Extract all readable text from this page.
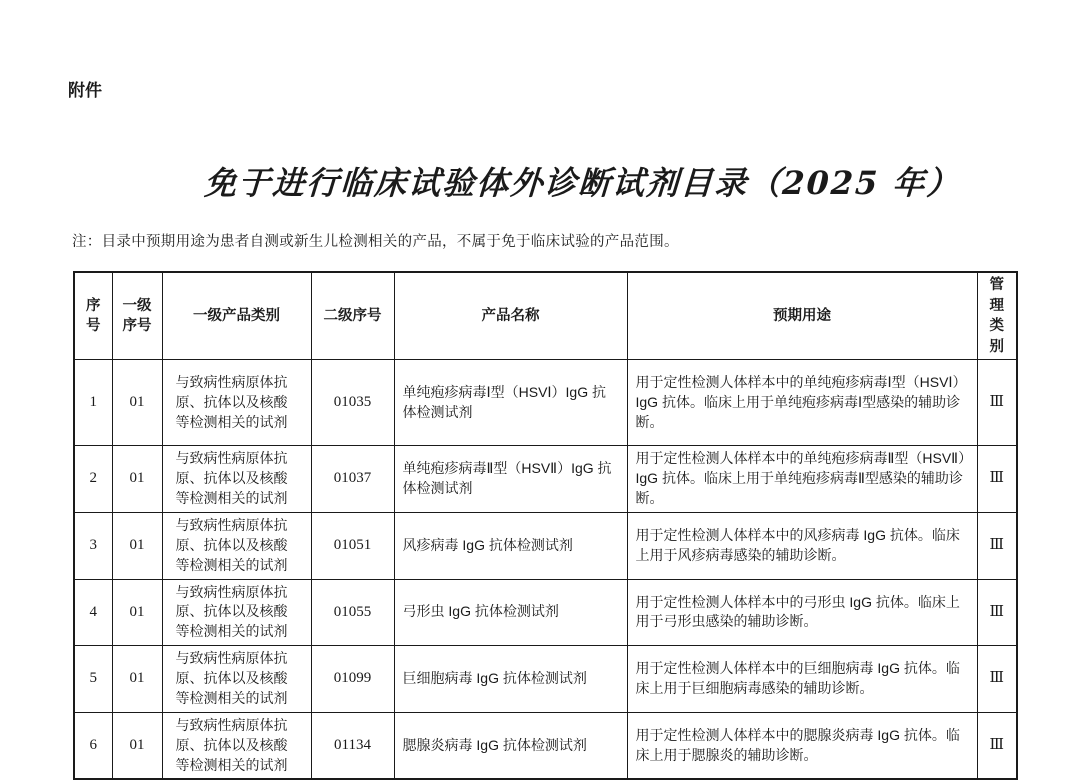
附件
免于进行临床试验体外诊断试剂目录（2025 年）

注：目录中预期用途为患者自测或新生儿检测相关的产品，不属于免于临床试验的产品范围。

序号	一级序号	一级产品类别	二级序号	产品名称	预期用途	管理类别
1	01	与致病性病原体抗原、抗体以及核酸等检测相关的试剂	01035	单纯疱疹病毒Ⅰ型（HSVⅠ）IgG 抗体检测试剂	用于定性检测人体样本中的单纯疱疹病毒Ⅰ型（HSVⅠ）IgG 抗体。临床上用于单纯疱疹病毒Ⅰ型感染的辅助诊断。	Ⅲ
2	01	与致病性病原体抗原、抗体以及核酸等检测相关的试剂	01037	单纯疱疹病毒Ⅱ型（HSVⅡ）IgG 抗体检测试剂	用于定性检测人体样本中的单纯疱疹病毒Ⅱ型（HSVⅡ）IgG 抗体。临床上用于单纯疱疹病毒Ⅱ型感染的辅助诊断。	Ⅲ
3	01	与致病性病原体抗原、抗体以及核酸等检测相关的试剂	01051	风疹病毒 IgG 抗体检测试剂	用于定性检测人体样本中的风疹病毒 IgG 抗体。临床上用于风疹病毒感染的辅助诊断。	Ⅲ
4	01	与致病性病原体抗原、抗体以及核酸等检测相关的试剂	01055	弓形虫 IgG 抗体检测试剂	用于定性检测人体样本中的弓形虫 IgG 抗体。临床上用于弓形虫感染的辅助诊断。	Ⅲ
5	01	与致病性病原体抗原、抗体以及核酸等检测相关的试剂	01099	巨细胞病毒 IgG 抗体检测试剂	用于定性检测人体样本中的巨细胞病毒 IgG 抗体。临床上用于巨细胞病毒感染的辅助诊断。	Ⅲ
6	01	与致病性病原体抗原、抗体以及核酸等检测相关的试剂	01134	腮腺炎病毒 IgG 抗体检测试剂	用于定性检测人体样本中的腮腺炎病毒 IgG 抗体。临床上用于腮腺炎的辅助诊断。	Ⅲ
